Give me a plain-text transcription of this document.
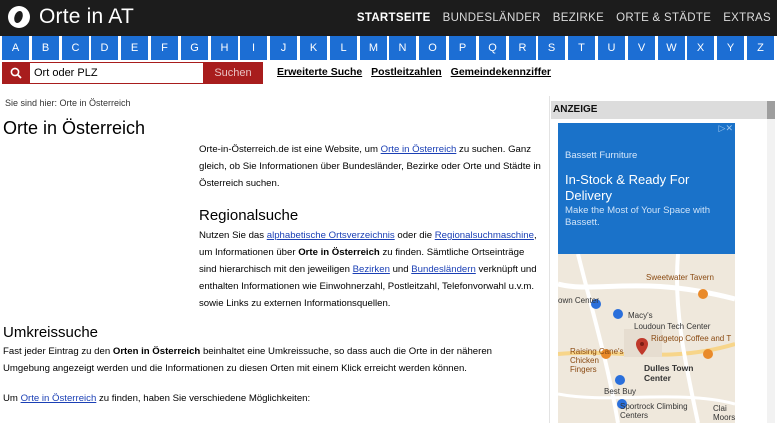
Orte in AT	STARTSEITE BUNDESLÄNDER BEZIRKE ORTE & STÄDTE EXTRAS
A	B	C	D	E	F	G	H	I	J	K	L	M	N	O	P	Q	R	S	T	U	V	W	X	Y	Z
Ort oder PLZ
Suchen	Erweiterte Suche Postleitzahlen Gemeindekennziffer
Sie sind hier: Orte in Österreich
Orte in Österreich

Orte-in-Österreich.de ist eine Website, um Orte in Österreich zu suchen. Ganz gleich, ob Sie Informationen über Bundesländer, Bezirke oder Orte und Städte in Österreich suchen.

Regionalsuche

Nutzen Sie das alphabetische Ortsverzeichnis oder die Regionalsuchmaschine, um Informationen über Orte in Österreich zu finden. Sämtliche Ortseinträge sind hierarchisch mit den jeweiligen Bezirken und Bundesländern verknüpft und enthalten Informationen wie Einwohnerzahl, Postleitzahl, Telefonvorwahl u.v.m. sowie Links zu externen Informationsquellen.

Umkreissuche

Fast jeder Eintrag zu den Orten in Österreich beinhaltet eine Umkreissuche, so dass auch die Orte in der näheren Umgebung angezeigt werden und die Informationen zu diesen Orten mit einem Klick erreicht werden können.

Um Orte in Österreich zu finden, haben Sie verschiedene Möglichkeiten:

ANZEIGE
▷✕
Bassett Furniture
In-Stock & Ready For Delivery
Make the Most of Your Space with Bassett.
Sweetwater Tavern
own Center
Macy's
Loudoun Tech Center
Ridgetop Coffee and T
Raising Cane's Chicken Fingers	Dulles Town Center
Best Buy
Sportrock Climbing Centers
Clai Moors
